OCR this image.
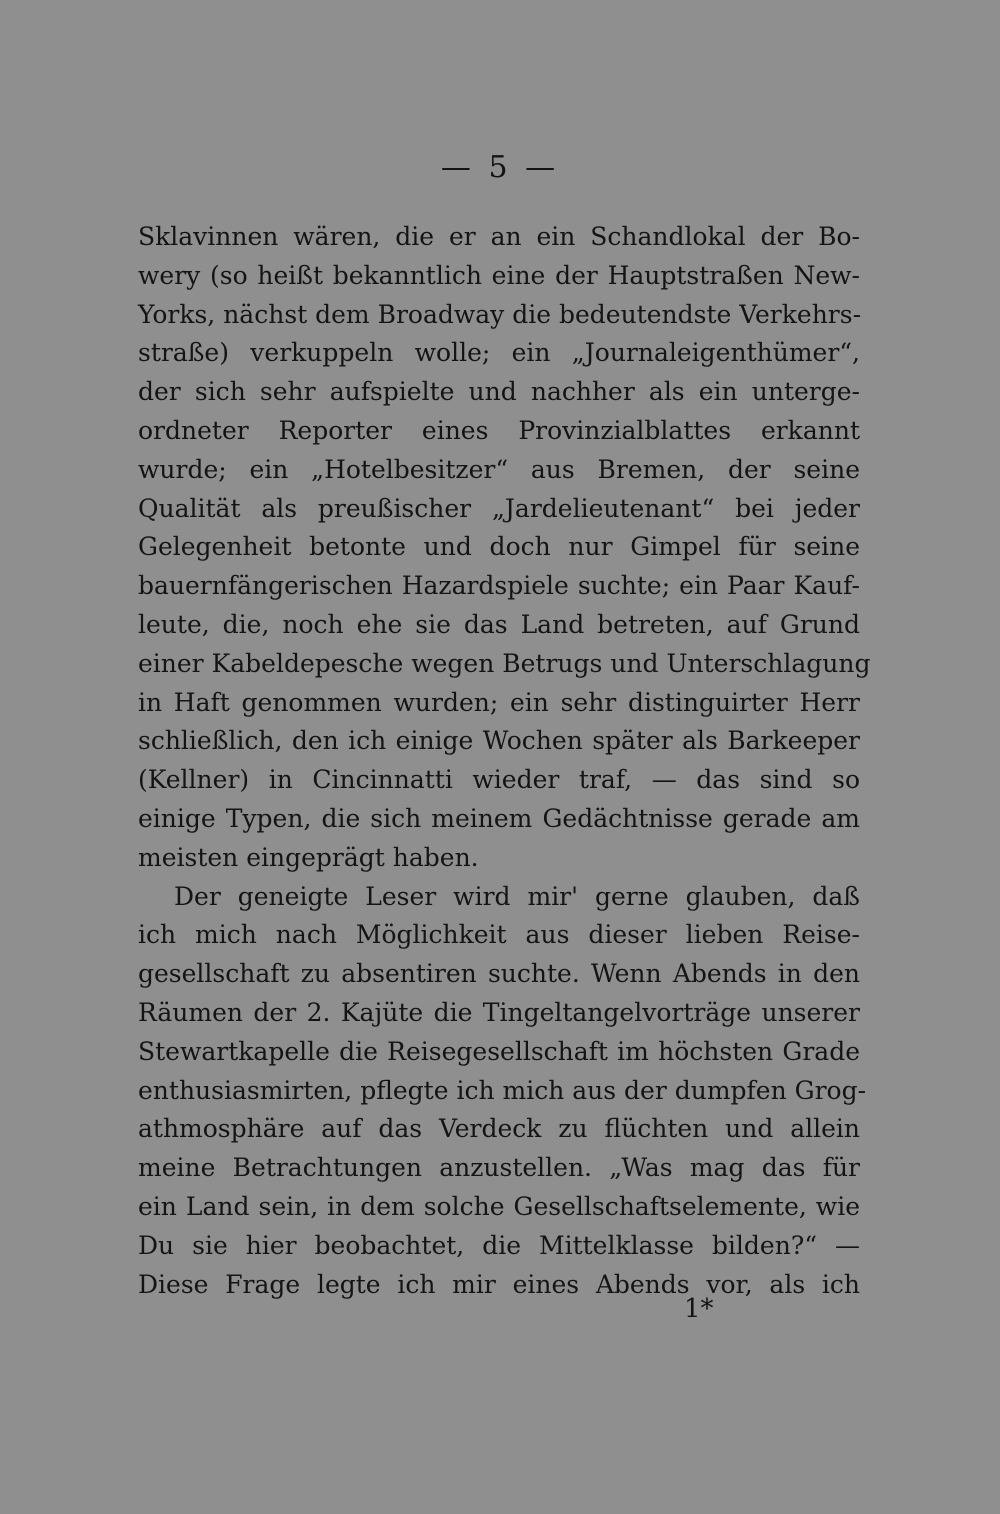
— 5 —
Sklavinnen wären, die er an ein Schandlokal der Bo-
wery (so heißt bekanntlich eine der Hauptstraßen New-
Yorks, nächst dem Broadway die bedeutendste Verkehrs-
straße) verkuppeln wolle; ein „Journaleigenthümer“,
der sich sehr aufspielte und nachher als ein unterge-
ordneter Reporter eines Provinzialblattes erkannt
wurde; ein „Hotelbesitzer“ aus Bremen, der seine
Qualität als preußischer „Jardelieutenant“ bei jeder
Gelegenheit betonte und doch nur Gimpel für seine
bauernfängerischen Hazardspiele suchte; ein Paar Kauf-
leute, die, noch ehe sie das Land betreten, auf Grund
einer Kabeldepesche wegen Betrugs und Unterschlagung
in Haft genommen wurden; ein sehr distinguirter Herr
schließlich, den ich einige Wochen später als Barkeeper
(Kellner) in Cincinnatti wieder traf, — das sind so
einige Typen, die sich meinem Gedächtnisse gerade am
meisten eingeprägt haben.
Der geneigte Leser wird mir' gerne glauben, daß
ich mich nach Möglichkeit aus dieser lieben Reise-
gesellschaft zu absentiren suchte. Wenn Abends in den
Räumen der 2. Kajüte die Tingeltangelvorträge unserer
Stewartkapelle die Reisegesellschaft im höchsten Grade
enthusiasmirten, pflegte ich mich aus der dumpfen Grog-
athmosphäre auf das Verdeck zu flüchten und allein
meine Betrachtungen anzustellen. „Was mag das für
ein Land sein, in dem solche Gesellschaftselemente, wie
Du sie hier beobachtet, die Mittelklasse bilden?“ —
Diese Frage legte ich mir eines Abends vor, als ich
1*
